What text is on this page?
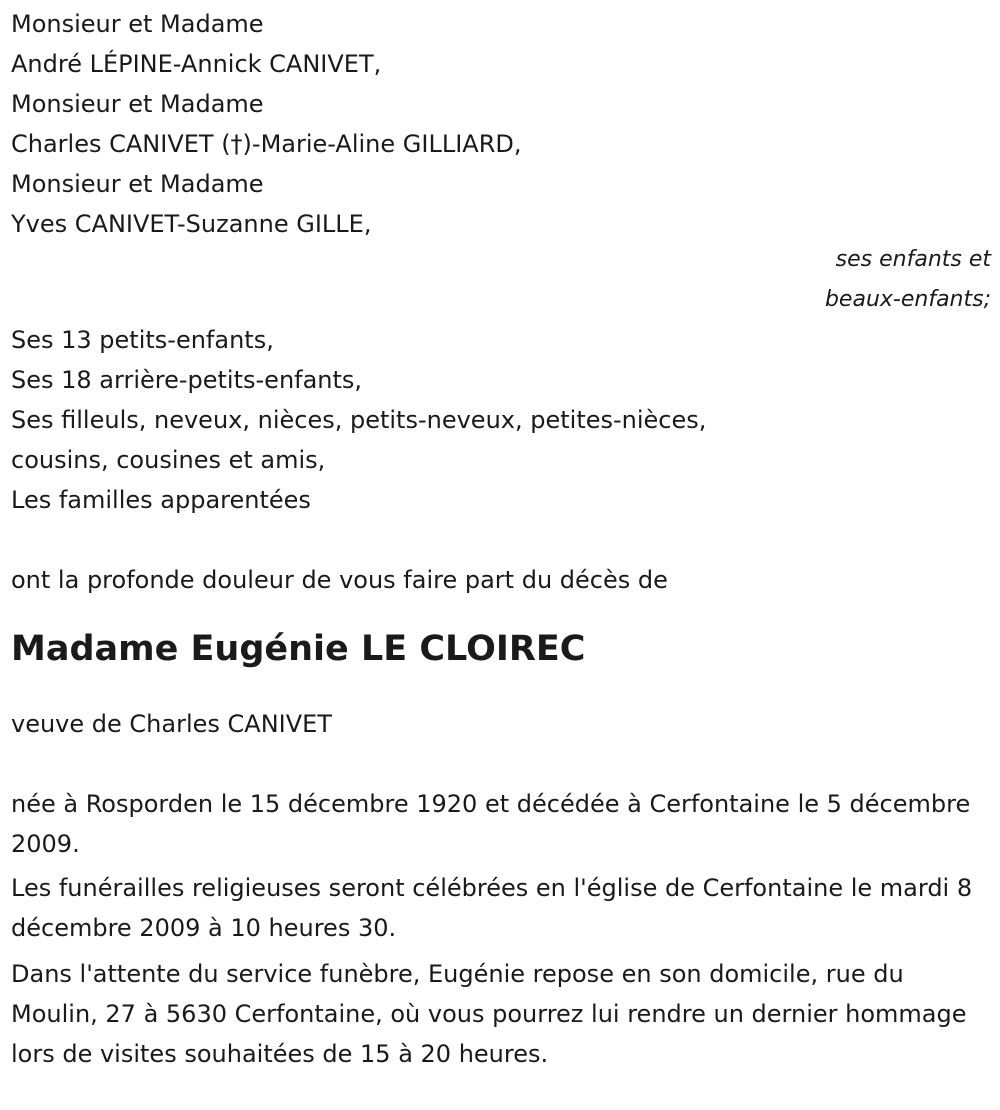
Monsieur et Madame
André LÉPINE-Annick CANIVET,
Monsieur et Madame
Charles CANIVET (†)-Marie-Aline GILLIARD,
Monsieur et Madame
Yves CANIVET-Suzanne GILLE,
ses enfants et
beaux-enfants;
Ses 13 petits-enfants,
Ses 18 arrière-petits-enfants,
Ses filleuls, neveux, nièces, petits-neveux, petites-nièces,
cousins, cousines et amis,
Les familles apparentées
ont la profonde douleur de vous faire part du décès de
Madame Eugénie LE CLOIREC
veuve de Charles CANIVET

née à Rosporden le 15 décembre 1920 et décédée à Cerfontaine le 5 décembre 2009.

Les funérailles religieuses seront célébrées en l'église de Cerfontaine le mardi 8 décembre 2009 à 10 heures 30.

Dans l'attente du service funèbre, Eugénie repose en son domicile, rue du Moulin, 27 à 5630 Cerfontaine, où vous pourrez lui rendre un dernier hommage lors de visites souhaitées de 15 à 20 heures.
